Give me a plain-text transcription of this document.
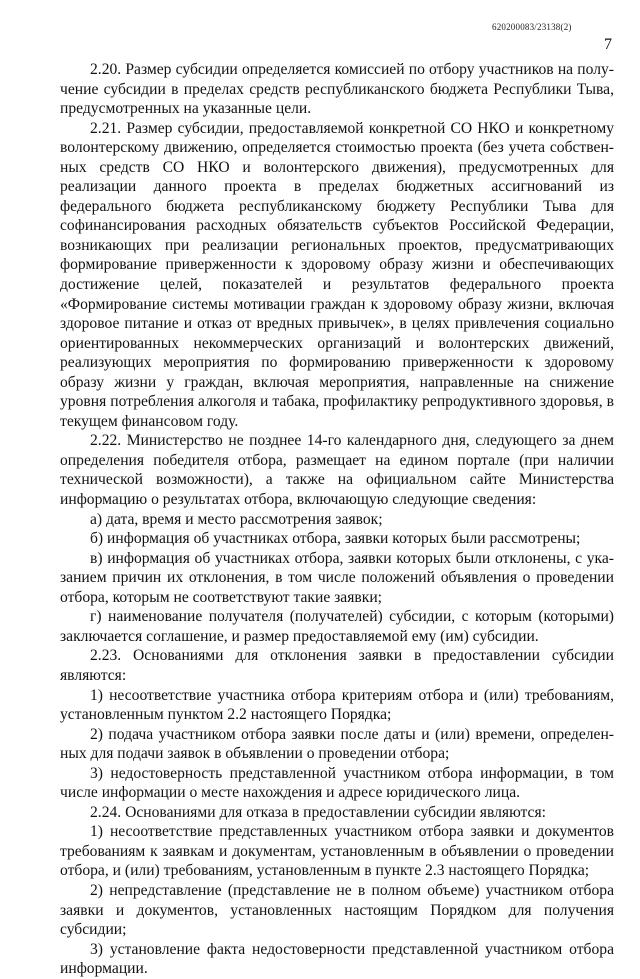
620200083/23138(2)
7

2.20. Размер субсидии определяется комиссией по отбору участников на получение субсидии в пределах средств республиканского бюджета Республики Тыва, предусмотренных на указанные цели.

2.21. Размер субсидии, предоставляемой конкретной СО НКО и конкретному волонтерскому движению, определяется стоимостью проекта (без учета собственных средств СО НКО и волонтерского движения), предусмотренных для реализации данного проекта в пределах бюджетных ассигнований из федерального бюджета республиканскому бюджету Республики Тыва для софинансирования расходных обязательств субъектов Российской Федерации, возникающих при реализации региональных проектов, предусматривающих формирование приверженности к здоровому образу жизни и обеспечивающих достижение целей, показателей и результатов федерального проекта «Формирование системы мотивации граждан к здоровому образу жизни, включая здоровое питание и отказ от вредных привычек», в целях привлечения социально ориентированных некоммерческих организаций и волонтерских движений, реализующих мероприятия по формированию приверженности к здоровому образу жизни у граждан, включая мероприятия, направленные на снижение уровня потребления алкоголя и табака, профилактику репродуктивного здоровья, в текущем финансовом году.

2.22. Министерство не позднее 14-го календарного дня, следующего за днем определения победителя отбора, размещает на едином портале (при наличии технической возможности), а также на официальном сайте Министерства информацию о результатах отбора, включающую следующие сведения:

а) дата, время и место рассмотрения заявок;

б) информация об участниках отбора, заявки которых были рассмотрены;

в) информация об участниках отбора, заявки которых были отклонены, с указанием причин их отклонения, в том числе положений объявления о проведении отбора, которым не соответствуют такие заявки;

г) наименование получателя (получателей) субсидии, с которым (которыми) заключается соглашение, и размер предоставляемой ему (им) субсидии.

2.23. Основаниями для отклонения заявки в предоставлении субсидии являются:

1) несоответствие участника отбора критериям отбора и (или) требованиям, установленным пунктом 2.2 настоящего Порядка;

2) подача участником отбора заявки после даты и (или) времени, определенных для подачи заявок в объявлении о проведении отбора;

3) недостоверность представленной участником отбора информации, в том числе информации о месте нахождения и адресе юридического лица.

2.24. Основаниями для отказа в предоставлении субсидии являются:

1) несоответствие представленных участником отбора заявки и документов требованиям к заявкам и документам, установленным в объявлении о проведении отбора, и (или) требованиям, установленным в пункте 2.3 настоящего Порядка;

2) непредставление (представление не в полном объеме) участником отбора заявки и документов, установленных настоящим Порядком для получения субсидии;

3) установление факта недостоверности представленной участником отбора информации.
